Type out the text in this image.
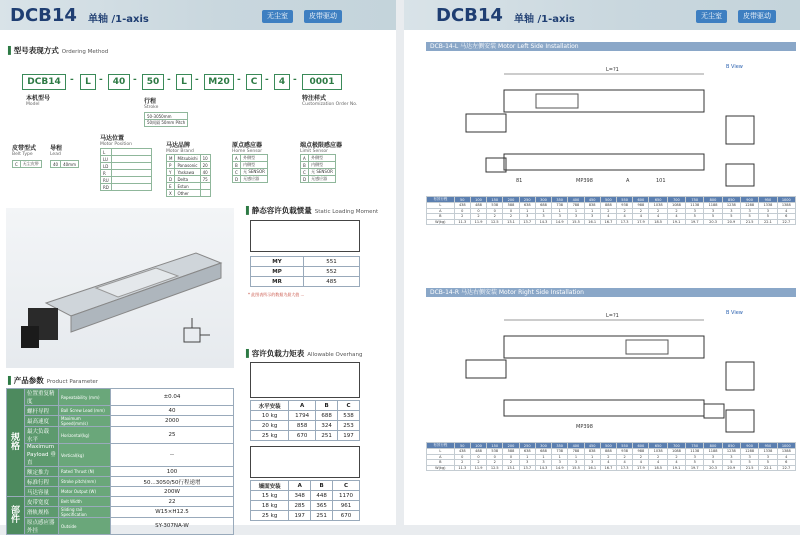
DCB14 单轴 /1-axis	无尘室	皮带驱动
▌型号表现方式 Ordering Method
DCB14	-	L -	40 -	50 -	L -	M20 -	C -	4 -	0001
本机型号
Model	行程
Stroke
50-3050mm
50间隔 50mm Pitch
特注样式
Customization Order No.
皮带型式
Belt Type
C	无尘皮带
导程
Lead
40	40mm
马达位置
Motor Position
L	
LU	
LD	
R	
RU	
RD	
马达品牌
Motor Brand
M	Mitsubishi	10
P	Panasonic	20
Y	Yaskawa	40
D	Delta	75
E	Estun	
X	Other	
原点感应器
Home Sensor
A	外侧型
B	内侧型
C	无 SENSOR
D	无感应器
端点极限感应器
Limit Sensor
A	外侧型
B	内侧型
C	无 SENSOR
D	无感应器
▌产品参数 Product Parameter
规格	位置重复精度	Repeatability (mm)	±0.04
	螺杆导程	Ball Screw Lead (mm)	40
	最高速度	Maximum Speed(mm/s)	2000
	最大负载 水平	Horizontal(kg)	25
	Maximum Payload 垂直	Vertical(kg)	--
	额定推力	Rated Thrust (N)	100
	标准行程	Stroke pitch(mm)	50...3050/50行程递增
	马达容量	Motor Output (W)	200W
部件	皮带宽度	Belt Width	22
	滑轨规格	Sliding rail Specification	W15×H12.5
	原点感应器 外挂	Outside	SY-307NA-W
▌静态容许负载惯量 Static Loading Moment
MY	551
MP	552
MR	485
* 此图表所示的数据为最大值 ...
▌容许负载力矩表 Allowable Overhang
水平安装	A	B	C
10 kg	1794	688	538
20 kg	858	324	253
25 kg	670	251	197
墙面安装	A	B	C
15 kg	348	448	1170
18 kg	285	365	961
25 kg	197	251	670
DCB14 单轴 /1-axis	无尘室	皮带驱动
DCB-14-L 马达左侧安装 Motor Left Side Installation
L=?1
MP398	A	101
81
B View
有效行程	50	100	150	200	250	300	350	400	450	500	550	600	650	700	750	800	850	900	950	1000
L	438	488	538	588	638	688	738	788	838	888	938	988	1038	1088	1138	1188	1238	1288	1338	1388
A	0	0	0	0	1	1	1	1	1	2	2	2	2	2	3	3	3	3	3	4
B	2	2	2	2	3	3	3	3	3	4	4	4	4	4	5	5	5	5	5	6
W(kg)	11.3	11.9	12.5	13.1	13.7	14.3	14.9	15.5	16.1	16.7	17.3	17.9	18.5	19.1	19.7	20.3	20.9	21.5	22.1	22.7
DCB-14-R 马达右侧安装 Motor Right Side Installation
L=?1
MP398
B View
有效行程	50	100	150	200	250	300	350	400	450	500	550	600	650	700	750	800	850	900	950	1000
L	438	488	538	588	638	688	738	788	838	888	938	988	1038	1088	1138	1188	1238	1288	1338	1388
A	0	0	0	0	1	1	1	1	1	2	2	2	2	2	3	3	3	3	3	4
B	2	2	2	2	3	3	3	3	3	4	4	4	4	4	5	5	5	5	5	6
W(kg)	11.3	11.9	12.5	13.1	13.7	14.3	14.9	15.5	16.1	16.7	17.3	17.9	18.5	19.1	19.7	20.3	20.9	21.5	22.1	22.7
